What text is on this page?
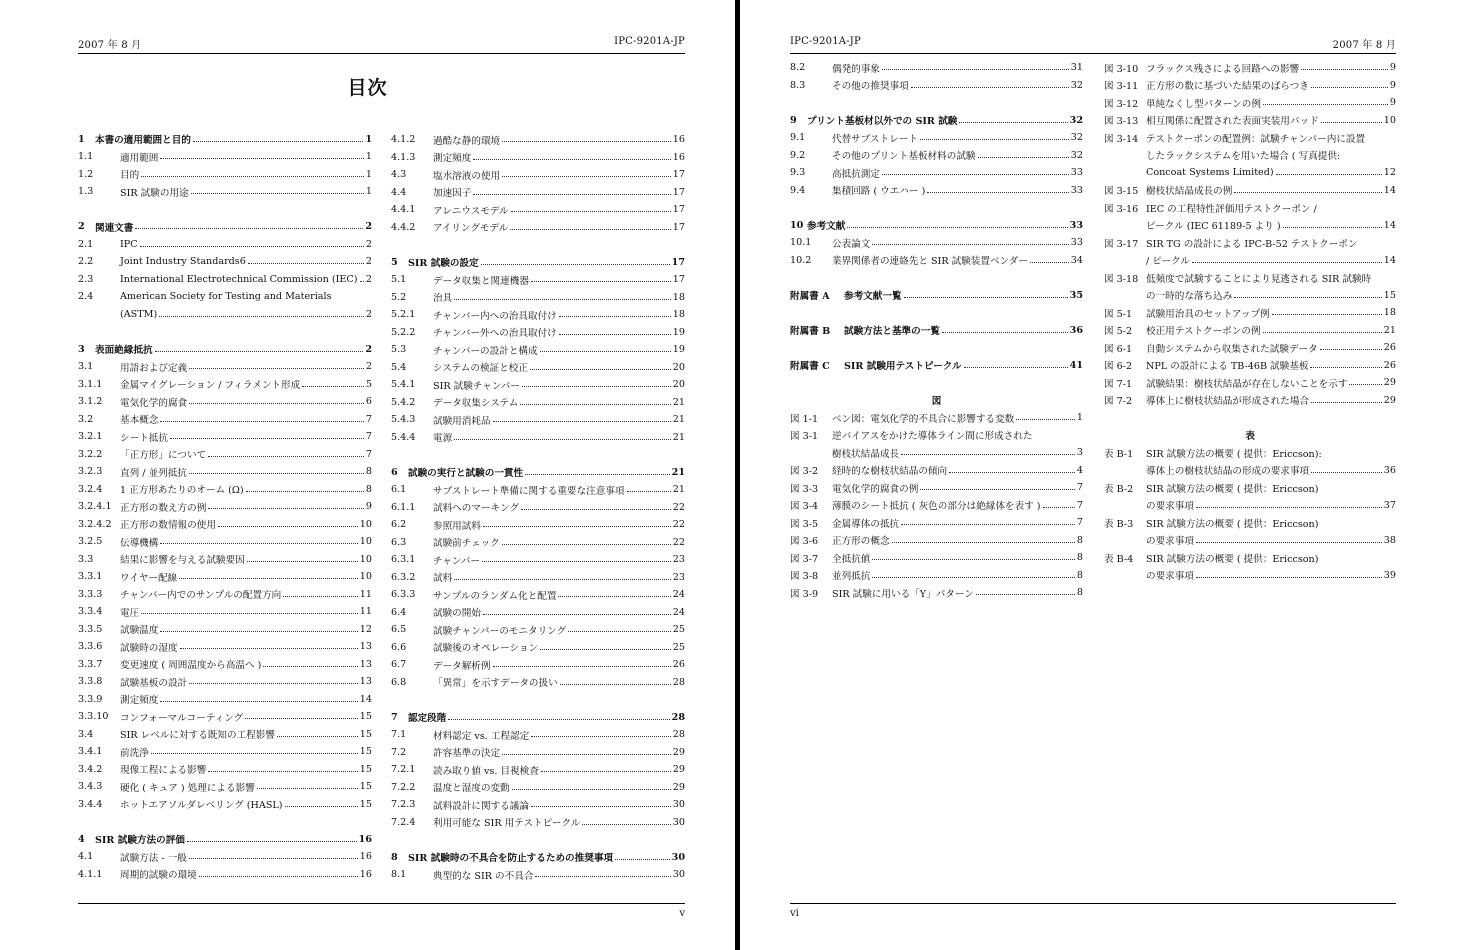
2007 年 8 月	IPC-9201A-JP
目次
1	本書の適用範囲と目的	1
1.1	適用範囲	1
1.2	目的	1
1.3	SIR 試験の用途	1
2	関連文書	2
2.1	IPC	2
2.2	Joint Industry Standards6	2
2.3	International Electrotechnical Commission (IEC) 2
2.4	American Society for Testing and Materials
(ASTM)	2
3	表面絶縁抵抗	2
3.1	用語および定義	2
3.1.1	金属マイグレーション / フィラメント形成	5
3.1.2	電気化学的腐食	6
3.2	基本概念	7
3.2.1	シート抵抗	7
3.2.2	「正方形」について	7
3.2.3	直列 / 並列抵抗	8
3.2.4	1 正方形あたりのオーム (Ω)	8
3.2.4.1 正方形の数え方の例	9
3.2.4.2 正方形の数情報の使用	10
3.2.5	伝導機構	10
3.3	結果に影響を与える試験要因	10
3.3.1	ワイヤー配線	10
3.3.3	チャンバー内でのサンプルの配置方向	11
3.3.4	電圧	11
3.3.5	試験温度	12
3.3.6	試験時の湿度	13
3.3.7	変更速度 ( 周囲温度から高温へ )	13
3.3.8	試験基板の設計	13
3.3.9	測定頻度	14
3.3.10	コンフォーマルコーティング	15
3.4	SIR レベルに対する既知の工程影響	15
3.4.1	前洗浄	15
3.4.2	現像工程による影響	15
3.4.3	硬化 ( キュア ) 処理による影響	15
3.4.4	ホットエアソルダレベリング (HASL)	15
4	SIR 試験方法の評価	16
4.1	試験方法 - 一般	16
4.1.1	周期的試験の環境	16
4.1.2	過酷な静的環境	16
4.1.3	測定頻度	16
4.3	塩水溶液の使用	17
4.4	加速因子	17
4.4.1	アレニウスモデル	17
4.4.2	アイリングモデル	17
5	SIR 試験の設定	17
5.1	データ収集と関連機器	17
5.2	治具	18
5.2.1	チャンバー内への治具取付け	18
5.2.2	チャンバー外への治具取付け	19
5.3	チャンバーの設計と構成	19
5.4	システムの検証と校正	20
5.4.1	SIR 試験チャンバー	20
5.4.2	データ収集システム	21
5.4.3	試験用消耗品	21
5.4.4	電源	21
6	試験の実行と試験の一貫性	21
6.1	サブストレート準備に関する重要な注意事項	21
6.1.1	試料へのマーキング	22
6.2	参照用試料	22
6.3	試験前チェック	22
6.3.1	チャンバー	23
6.3.2	試料	23
6.3.3	サンプルのランダム化と配置	24
6.4	試験の開始	24
6.5	試験チャンバーのモニタリング	25
6.6	試験後のオペレーション	25
6.7	データ解析例	26
6.8	「異常」を示すデータの扱い	28
7	認定段階	28
7.1	材料認定 vs. 工程認定	28
7.2	許容基準の決定	29
7.2.1	読み取り値 vs. 目視検査	29
7.2.2	温度と湿度の変動	29
7.2.3	試料設計に関する議論	30
7.2.4	利用可能な SIR 用テストピークル	30
8	SIR 試験時の不具合を防止するための推奨事項	30
8.1	典型的な SIR の不具合	30
v
IPC-9201A-JP	2007 年 8 月
8.2	偶発的事象	31
8.3	その他の推奨事項	32
9	プリント基板材以外での SIR 試験	32
9.1	代替サブストレート	32
9.2	その他のプリント基板材料の試験	32
9.3	高抵抗測定	33
9.4	集積回路 ( ウエハー )	33
10 参考文献	33
10.1	公表論文	33
10.2	業界関係者の連絡先と SIR 試験装置ベンダー	34
附属書 A	参考文献一覧	35
附属書 B	試験方法と基準の一覧	36
附属書 C	SIR 試験用テストピークル	41
図
図 1-1	ベン図：電気化学的不具合に影響する変数	1
図 3-1	逆バイアスをかけた導体ライン間に形成された
樹枝状結晶成長	3
図 3-2	経時的な樹枝状結晶の傾向	4
図 3-3	電気化学的腐食の例	7
図 3-4	薄膜のシート抵抗 ( 灰色の部分は絶縁体を表す )	7
図 3-5	金属導体の抵抗	7
図 3-6	正方形の概念	8
図 3-7	全抵抗値	8
図 3-8	並列抵抗	8
図 3-9	SIR 試験に用いる「Y」パターン	8
図 3-10 フラックス残さによる回路への影響	9
図 3-11 正方形の数に基づいた結果のばらつき	9
図 3-12 単純なくし型パターンの例	9
図 3-13 相互関係に配置された表面実装用パッド	10
図 3-14 テストクーポンの配置例：試験チャンバー内に設置
したラックシステムを用いた場合 ( 写真提供:
Concoat Systems Limited)	12
図 3-15 樹枝状結晶成長の例	14
図 3-16 IEC の工程特性評価用テストクーポン /
ピークル (IEC 61189-5 より )	14
図 3-17 SIR TG の設計による IPC-B-52 テストクーポン
/ ピークル	14
図 3-18 低頻度で試験することにより見逃される SIR 試験時
の一時的な落ち込み	15
図 5-1	試験用治具のセットアップ例	18
図 5-2	校正用テストクーポンの例	21
図 6-1	自動システムから収集された試験データ	26
図 6-2	NPL の設計による TB-46B 試験基板	26
図 7-1	試験結果：樹枝状結晶が存在しないことを示す	29
図 7-2	導体上に樹枝状結晶が形成された場合	29
表
表 B-1	SIR 試験方法の概要 ( 提供：Ericcson):
導体上の樹枝状結晶の形成の要求事項	36
表 B-2	SIR 試験方法の概要 ( 提供：Ericcson)
の要求事項	37
表 B-3	SIR 試験方法の概要 ( 提供：Ericcson)
の要求事項	38
表 B-4	SIR 試験方法の概要 ( 提供：Ericcson)
の要求事項	39
vi
